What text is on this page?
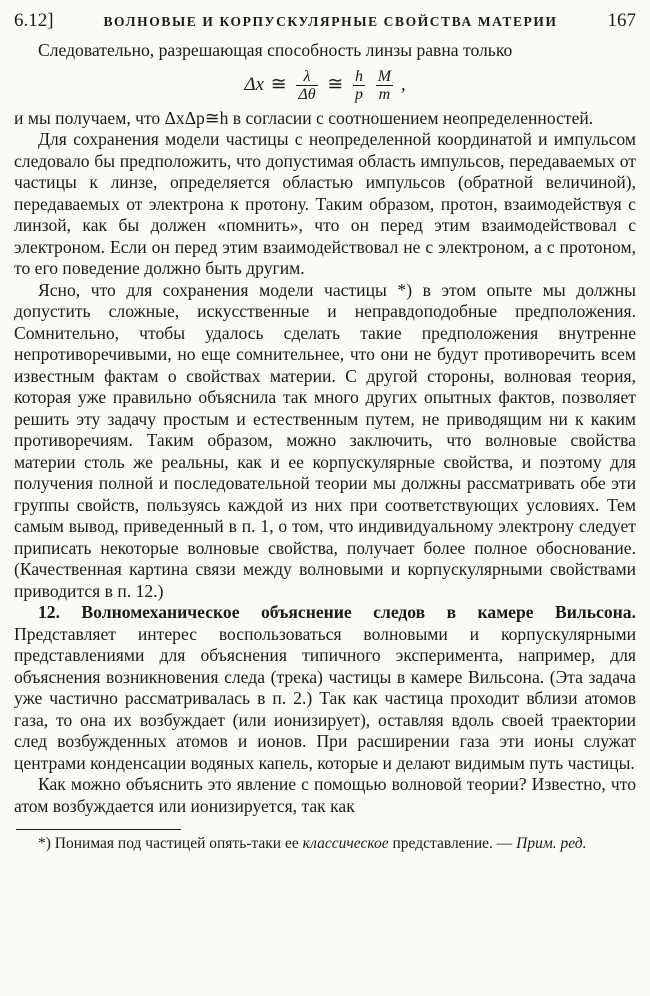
6.12]	ВОЛНОВЫЕ И КОРПУСКУЛЯРНЫЕ СВОЙСТВА МАТЕРИИ	167

Следовательно, разрешающая способность линзы равна только

Δx ≅ $\frac{\lambda}{\Delta\theta}$ ≅ $\frac{h}{p}$
$\frac{M}{m}$ ,

и мы получаем, что ΔxΔp≅h в согласии с соотношением неопределенностей.

Для сохранения модели частицы с неопределенной координатой и импульсом следовало бы предположить, что допустимая область импульсов, передаваемых от частицы к линзе, определяется областью импульсов (обратной величиной), передаваемых от электрона к протону. Таким образом, протон, взаимодействуя с линзой, как бы должен «помнить», что он перед этим взаимодействовал с электроном. Если он перед этим взаимодействовал не с электроном, а с протоном, то его поведение должно быть другим.

Ясно, что для сохранения модели частицы *) в этом опыте мы должны допустить сложные, искусственные и неправдоподобные предположения. Сомнительно, чтобы удалось сделать такие предположения внутренне непротиворечивыми, но еще сомнительнее, что они не будут противоречить всем известным фактам о свойствах материи. С другой стороны, волновая теория, которая уже правильно объяснила так много других опытных фактов, позволяет решить эту задачу простым и естественным путем, не приводящим ни к каким противоречиям. Таким образом, можно заключить, что волновые свойства материи столь же реальны, как и ее корпускулярные свойства, и поэтому для получения полной и последовательной теории мы должны рассматривать обе эти группы свойств, пользуясь каждой из них при соответствующих условиях. Тем самым вывод, приведенный в п. 1, о том, что индивидуальному электрону следует приписать некоторые волновые свойства, получает более полное обоснование. (Качественная картина связи между волновыми и корпускулярными свойствами приводится в п. 12.)

12. Волномеханическое объяснение следов в камере Вильсона. Представляет интерес воспользоваться волновыми и корпускулярными представлениями для объяснения типичного эксперимента, например, для объяснения возникновения следа (трека) частицы в камере Вильсона. (Эта задача уже частично рассматривалась в п. 2.) Так как частица проходит вблизи атомов газа, то она их возбуждает (или ионизирует), оставляя вдоль своей траектории след возбужденных атомов и ионов. При расширении газа эти ионы служат центрами конденсации водяных капель, которые и делают видимым путь частицы.

Как можно объяснить это явление с помощью волновой теории? Известно, что атом возбуждается или ионизируется, так как

*) Понимая под частицей опять-таки ее классическое представление. — Прим. ред.
